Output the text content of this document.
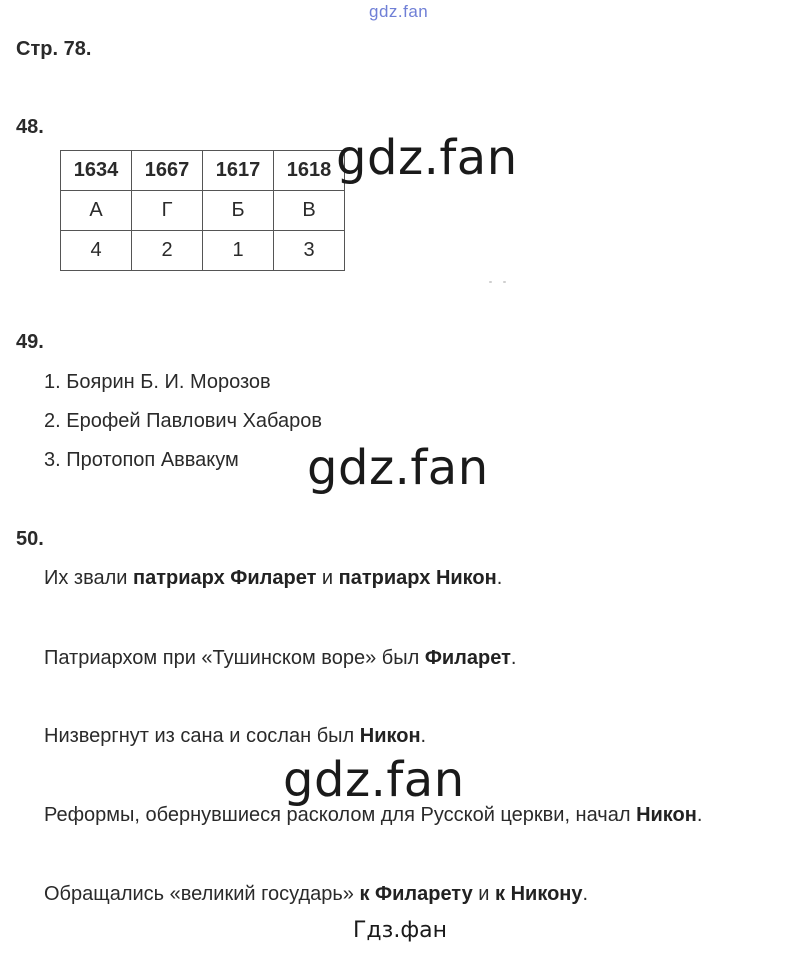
gdz.fan
Стр. 78.
48.
1634	1667	1617	1618
А	Г	Б	В
4	2	1	3
49.
1. Боярин Б. И. Морозов
2. Ерофей Павлович Хабаров
3. Протопоп Аввакум
50.
Их звали патриарх Филарет и патриарх Никон.
Патриархом при «Тушинском воре» был Филарет.
Низвергнут из сана и сослан был Никон.
Реформы, обернувшиеся расколом для Русской церкви, начал Никон.
Обращались «великий государь» к Филарету и к Никону.
gdz.fan
gdz.fan
gdz.fan
Гдз.фан
